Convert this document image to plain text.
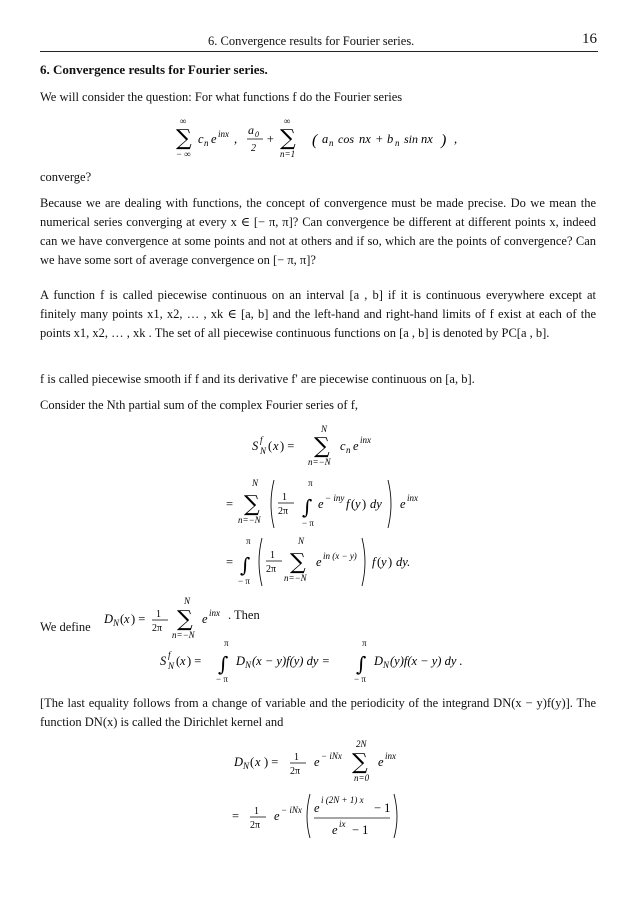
6. Convergence results for Fourier series.	16
6. Convergence results for Fourier series.
We will consider the question: For what functions f do the Fourier series
∞
∑
− ∞
c n e inx ,
a 0
2
+
∞
∑
n=1
( a n cos nx + b n sin nx ) ,
converge?
Because we are dealing with functions, the concept of convergence must be made precise. Do we mean the numerical series converging at every x ∈ [− π, π]? Can convergence be different at different points x, indeed can we have convergence at some points and not at others and if so, which are the points of convergence? Can we have some sort of average convergence on [− π, π]?
A function f is called piecewise continuous on an interval [a , b] if it is continuous everywhere except at finitely many points x1, x2, … , xk ∈ [a, b] and the left-hand and right-hand limits of f exist at each of the points x1, x2, … , xk . The set of all piecewise continuous functions on [a , b] is denoted by PC[a , b].
f is called piecewise smooth if f and its derivative f' are piecewise continuous on [a, b].
Consider the Nth partial sum of the complex Fourier series of f,
S f
N ( x ) =
N
∑
n=−N
c n e inx
=
N
∑
n=−N
1
2π
π
∫
− π
e − iny f ( y ) dy e inx
=
π
∫
− π
1
2π
N
∑
n=−N
e in (x − y) f ( y ) dy.
$_{We define}$
D N ( x ) = 1
2π
N
∑
n=−N
e inx . Then
S f
N ( x ) =
π
∫
− π
D N (x − y)f(y) dy =
π
∫
− π
D N (y)f(x − y) dy .
[The last equality follows from a change of variable and the periodicity of the integrand DN(x − y)f(y)]. The function DN(x) is called the Dirichlet kernel and
D N ( x ) = 1
2π
e − iNx
2N
∑
n=0
e inx
= 1
2π
e − iNx e
i (2N + 1) x
− 1
e ix − 1
